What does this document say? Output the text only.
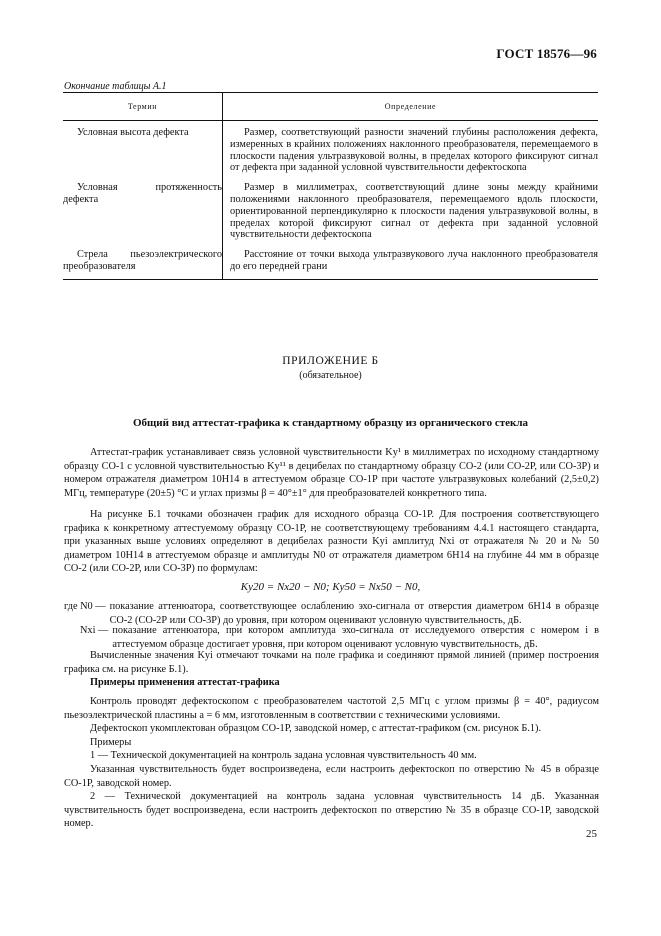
ГОСТ 18576—96
Окончание таблицы А.1
Термин	Определение
Условная высота дефекта	Размер, соответствующий разности значений глубины расположения дефекта, измеренных в крайних положениях наклонного преобразователя, перемещаемого в плоскости падения ультразвуковой волны, в пределах которого фиксируют сигнал от дефекта при заданной условной чувствительности дефектоскопа
Условная протяженность дефекта	Размер в миллиметрах, соответствующий длине зоны между крайними положениями наклонного преобразователя, перемещаемого вдоль плоскости, ориентированной перпендикулярно к плоскости падения ультразвуковой волны, в пределах которой фиксируют сигнал от дефекта при заданной условной чувствительности дефектоскопа
Стрела пьезоэлектрического преобразователя	Расстояние от точки выхода ультразвукового луча наклонного преобразователя до его передней грани
ПРИЛОЖЕНИЕ Б
(обязательное)
Общий вид аттестат-графика к стандартному образцу из органического стекла

Аттестат-график устанавливает связь условной чувствительности Kу¹ в миллиметрах по исходному стандартному образцу СО-1 с условной чувствительностью Kу¹¹ в децибелах по стандартному образцу СО-2 (или СО-2Р, или СО-3Р) и номером отражателя диаметром 10Н14 в аттестуемом образце СО-1Р при частоте ультразвуковых колебаний (2,5±0,2) МГц, температуре (20±5) °С и углах призмы β = 40°±1° для преобразователей конкретного типа.

На рисунке Б.1 точками обозначен график для исходного образца СО-1Р. Для построения соответствующего графика к конкретному аттестуемому образцу СО-1Р, не соответствующему требованиям 4.4.1 настоящего стандарта, при указанных выше условиях определяют в децибелах разности Kуi амплитуд Nxi от отражателя № 20 и № 50 диаметром 10Н14 в аттестуемом образце и амплитуды N0 от отражателя диаметром 6Н14 на глубине 44 мм в образце СО-2 (или СО-2Р, или СО-3Р) по формулам:

Ky20 = Nx20 − N0; Ky50 = Nx50 − N0,
где N0 — показание аттенюатора, соответствующее ослаблению эхо-сигнала от отверстия диаметром 6Н14 в образце СО-2 (СО-2Р или СО-3Р) до уровня, при котором оценивают условную чувствительность, дБ.
Nxi — показание аттенюатора, при котором амплитуда эхо-сигнала от исследуемого отверстия с номером i в аттестуемом образце достигает уровня, при котором оценивают условную чувствительность, дБ.

Вычисленные значения Kуi отмечают точками на поле графика и соединяют прямой линией (пример построения графика см. на рисунке Б.1).

Примеры применения аттестат-графика

Контроль проводят дефектоскопом с преобразователем частотой 2,5 МГц с углом призмы β = 40°, радиусом пьезоэлектрической пластины a = 6 мм, изготовленным в соответствии с техническими условиями.

Дефектоскоп укомплектован образцом СО-1Р, заводской номер, с аттестат-графиком (см. рисунок Б.1).

Примеры

1 — Технической документацией на контроль задана условная чувствительность 40 мм.

Указанная чувствительность будет воспроизведена, если настроить дефектоскоп по отверстию № 45 в образце СО-1Р, заводской номер.

2 — Технической документацией на контроль задана условная чувствительность 14 дБ. Указанная чувствительность будет воспроизведена, если настроить дефектоскоп по отверстию № 35 в образце СО-1Р, заводской номер.

25
